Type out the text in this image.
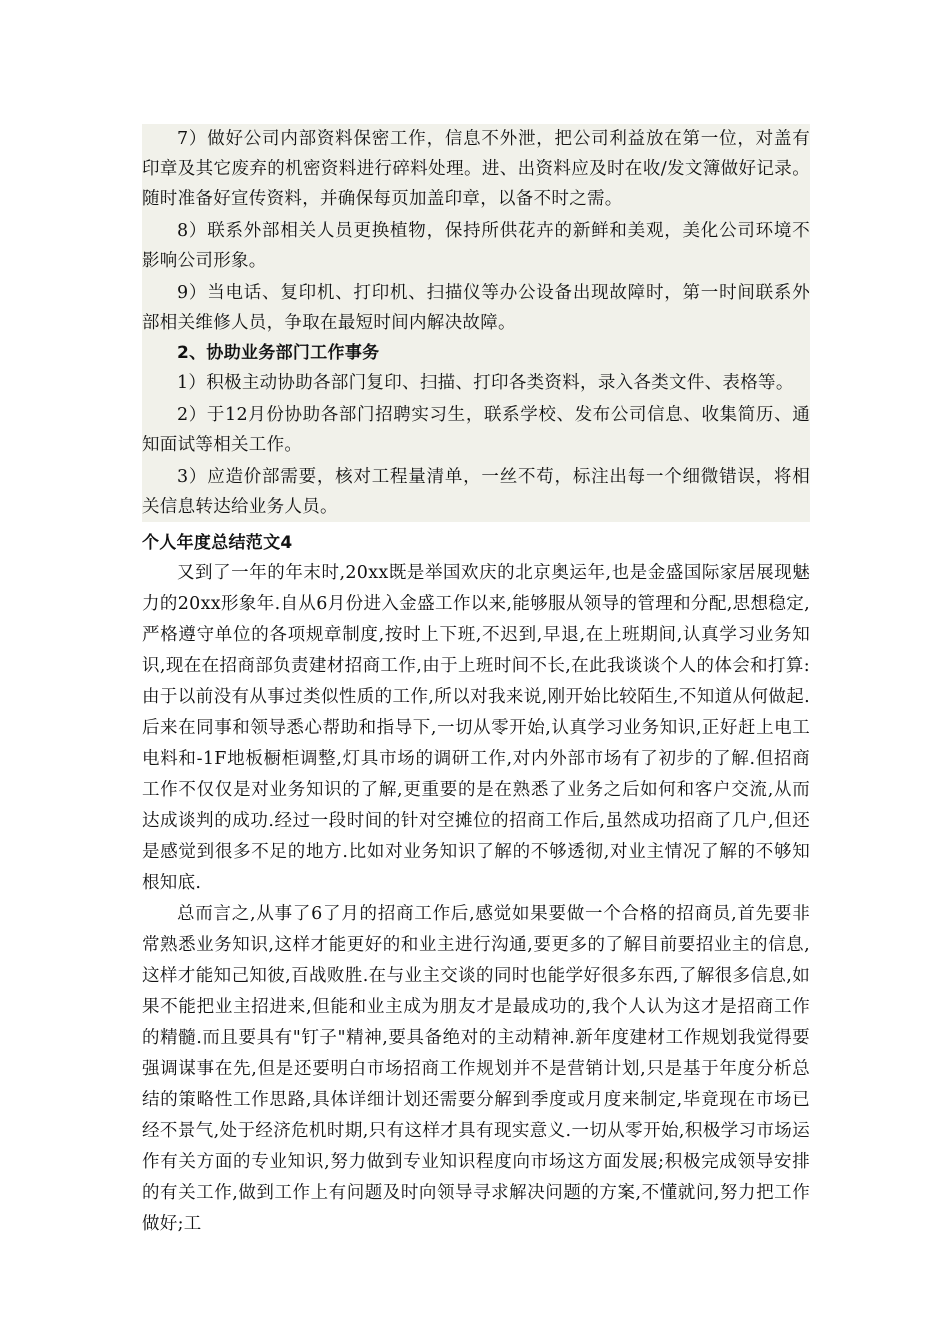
7）做好公司内部资料保密工作，信息不外泄，把公司利益放在第一位，对盖有印章及其它废弃的机密资料进行碎料处理。进、出资料应及时在收/发文簿做好记录。随时准备好宣传资料，并确保每页加盖印章，以备不时之需。

8）联系外部相关人员更换植物，保持所供花卉的新鲜和美观，美化公司环境不影响公司形象。

9）当电话、复印机、打印机、扫描仪等办公设备出现故障时，第一时间联系外部相关维修人员，争取在最短时间内解决故障。

2、协助业务部门工作事务

1）积极主动协助各部门复印、扫描、打印各类资料，录入各类文件、表格等。

2）于12月份协助各部门招聘实习生，联系学校、发布公司信息、收集简历、通知面试等相关工作。

3）应造价部需要，核对工程量清单，一丝不苟，标注出每一个细微错误，将相关信息转达给业务人员。

个人年度总结范文4

又到了一年的年末时,20xx既是举国欢庆的北京奥运年,也是金盛国际家居展现魅力的20xx形象年.自从6月份进入金盛工作以来,能够服从领导的管理和分配,思想稳定,严格遵守单位的各项规章制度,按时上下班,不迟到,早退,在上班期间,认真学习业务知识,现在在招商部负责建材招商工作,由于上班时间不长,在此我谈谈个人的体会和打算:由于以前没有从事过类似性质的工作,所以对我来说,刚开始比较陌生,不知道从何做起.后来在同事和领导悉心帮助和指导下,一切从零开始,认真学习业务知识,正好赶上电工电料和-1F地板橱柜调整,灯具市场的调研工作,对内外部市场有了初步的了解.但招商工作不仅仅是对业务知识的了解,更重要的是在熟悉了业务之后如何和客户交流,从而达成谈判的成功.经过一段时间的针对空摊位的招商工作后,虽然成功招商了几户,但还是感觉到很多不足的地方.比如对业务知识了解的不够透彻,对业主情况了解的不够知根知底.

总而言之,从事了6了月的招商工作后,感觉如果要做一个合格的招商员,首先要非常熟悉业务知识,这样才能更好的和业主进行沟通,要更多的了解目前要招业主的信息,这样才能知己知彼,百战败胜.在与业主交谈的同时也能学好很多东西,了解很多信息,如果不能把业主招进来,但能和业主成为朋友才是最成功的,我个人认为这才是招商工作的精髓.而且要具有"钉子"精神,要具备绝对的主动精神.新年度建材工作规划我觉得要强调谋事在先,但是还要明白市场招商工作规划并不是营销计划,只是基于年度分析总结的策略性工作思路,具体详细计划还需要分解到季度或月度来制定,毕竟现在市场已经不景气,处于经济危机时期,只有这样才具有现实意义.一切从零开始,积极学习市场运作有关方面的专业知识,努力做到专业知识程度向市场这方面发展;积极完成领导安排的有关工作,做到工作上有问题及时向领导寻求解决问题的方案,不懂就问,努力把工作做好;工
